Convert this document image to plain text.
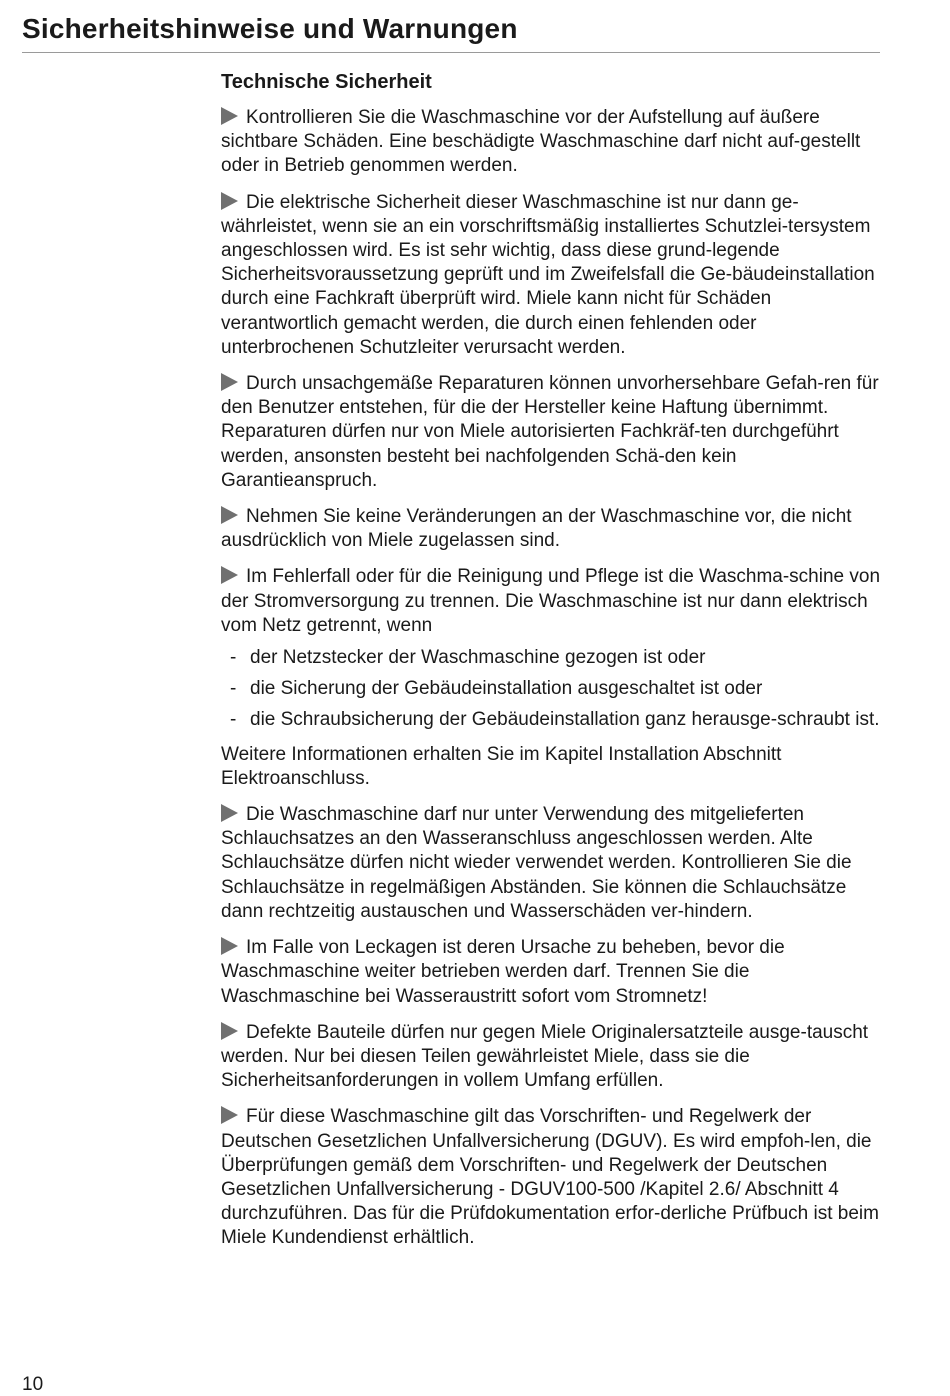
Sicherheitshinweise und Warnungen
Technische Sicherheit

Kontrollieren Sie die Waschmaschine vor der Aufstellung auf äußere sichtbare Schäden. Eine beschädigte Waschmaschine darf nicht auf-gestellt oder in Betrieb genommen werden.

Die elektrische Sicherheit dieser Waschmaschine ist nur dann ge-währleistet, wenn sie an ein vorschriftsmäßig installiertes Schutzlei-tersystem angeschlossen wird. Es ist sehr wichtig, dass diese grund-legende Sicherheitsvoraussetzung geprüft und im Zweifelsfall die Ge-bäudeinstallation durch eine Fachkraft überprüft wird. Miele kann nicht für Schäden verantwortlich gemacht werden, die durch einen fehlenden oder unterbrochenen Schutzleiter verursacht werden.

Durch unsachgemäße Reparaturen können unvorhersehbare Gefah-ren für den Benutzer entstehen, für die der Hersteller keine Haftung übernimmt. Reparaturen dürfen nur von Miele autorisierten Fachkräf-ten durchgeführt werden, ansonsten besteht bei nachfolgenden Schä-den kein Garantieanspruch.

Nehmen Sie keine Veränderungen an der Waschmaschine vor, die nicht ausdrücklich von Miele zugelassen sind.

Im Fehlerfall oder für die Reinigung und Pflege ist die Waschma-schine von der Stromversorgung zu trennen. Die Waschmaschine ist nur dann elektrisch vom Netz getrennt, wenn

- der Netzstecker der Waschmaschine gezogen ist oder
- die Sicherung der Gebäudeinstallation ausgeschaltet ist oder
- die Schraubsicherung der Gebäudeinstallation ganz herausge-schraubt ist.

Weitere Informationen erhalten Sie im Kapitel Installation Abschnitt Elektroanschluss.

Die Waschmaschine darf nur unter Verwendung des mitgelieferten Schlauchsatzes an den Wasseranschluss angeschlossen werden. Alte Schlauchsätze dürfen nicht wieder verwendet werden. Kontrollieren Sie die Schlauchsätze in regelmäßigen Abständen. Sie können die Schlauchsätze dann rechtzeitig austauschen und Wasserschäden ver-hindern.

Im Falle von Leckagen ist deren Ursache zu beheben, bevor die Waschmaschine weiter betrieben werden darf. Trennen Sie die Waschmaschine bei Wasseraustritt sofort vom Stromnetz!

Defekte Bauteile dürfen nur gegen Miele Originalersatzteile ausge-tauscht werden. Nur bei diesen Teilen gewährleistet Miele, dass sie die Sicherheitsanforderungen in vollem Umfang erfüllen.

Für diese Waschmaschine gilt das Vorschriften- und Regelwerk der Deutschen Gesetzlichen Unfallversicherung (DGUV). Es wird empfoh-len, die Überprüfungen gemäß dem Vorschriften- und Regelwerk der Deutschen Gesetzlichen Unfallversicherung - DGUV100-500 /Kapitel 2.6/ Abschnitt 4 durchzuführen. Das für die Prüfdokumentation erfor-derliche Prüfbuch ist beim Miele Kundendienst erhältlich.

10
